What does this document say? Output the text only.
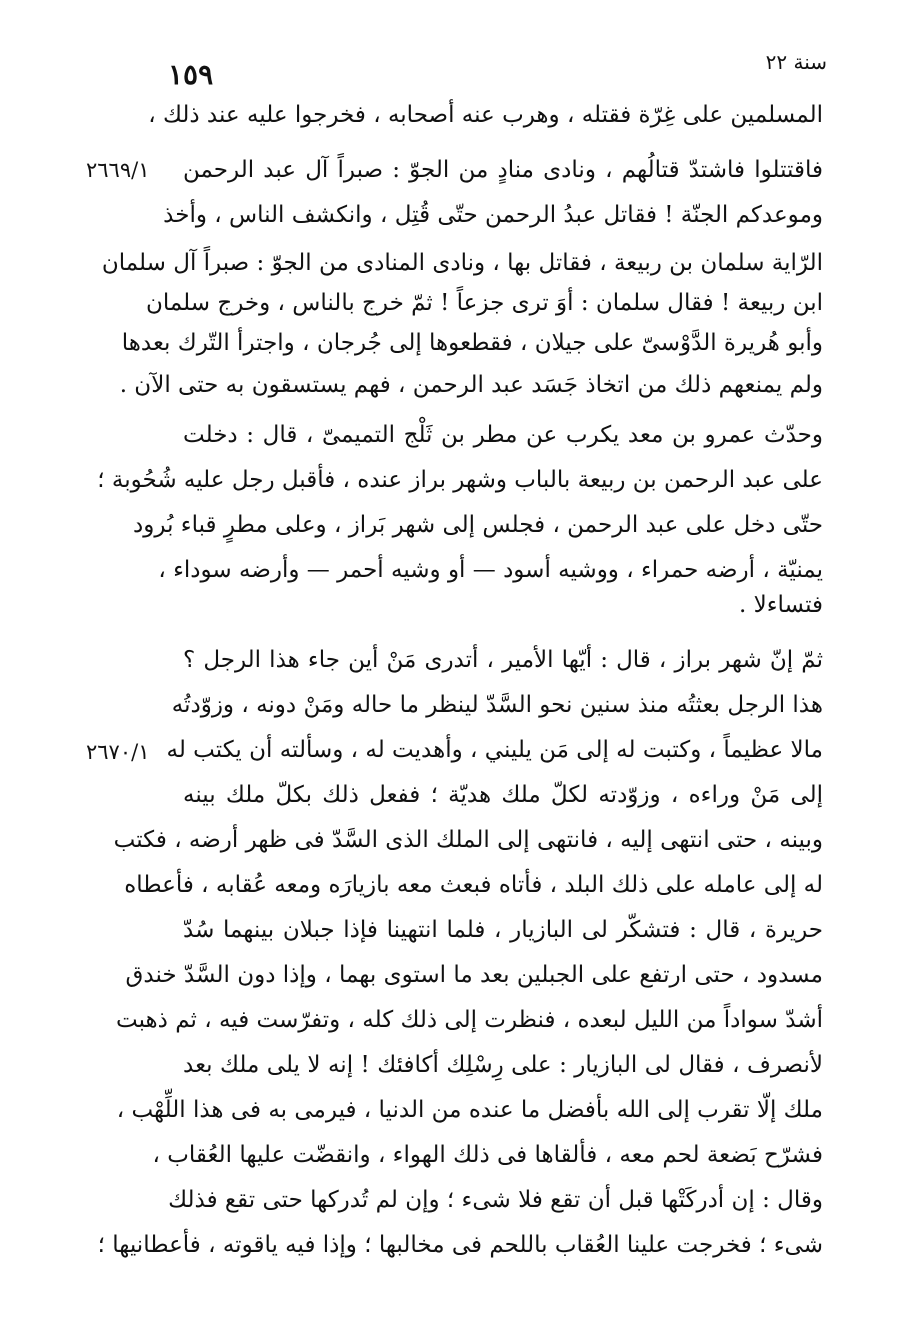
سنة ٢٢
١٥٩
٢٦٦٩/١
٢٦٧٠/١
المسلمين على غِرّة فقتله ، وهرب عنه أصحابه ، فخرجوا عليه عند ذلك ،
فاقتتلوا فاشتدّ قتالُهم ، ونادى منادٍ من الجوّ : صبراً آل عبد الرحمن
وموعدكم الجنّة ! فقاتل عبدُ الرحمن حتّى قُتِل ، وانكشف الناس ، وأخذ
الرّاية سلمان بن ربيعة ، فقاتل بها ، ونادى المنادى من الجوّ : صبراً آل سلمان
ابن ربيعة ! فقال سلمان : أوَ ترى جزعاً ! ثمّ خرج بالناس ، وخرج سلمان
وأبو هُريرة الدَّوْسىّ على جيلان ، فقطعوها إلى جُرجان ، واجترأ التّرك بعدها
ولم يمنعهم ذلك من اتخاذ جَسَد عبد الرحمن ، فهم يستسقون به حتى الآن .
وحدّث عمرو بن معد يكرب عن مطر بن ثَلْج التميمىّ ، قال : دخلت
على عبد الرحمن بن ربيعة بالباب وشهر براز عنده ، فأقبل رجل عليه شُحُوبة ؛
حتّى دخل على عبد الرحمن ، فجلس إلى شهر بَراز ، وعلى مطرٍ قباء بُرود
يمنيّة ، أرضه حمراء ، ووشيه أسود — أو وشيه أحمر — وأرضه سوداء ،
فتساءلا .
ثمّ إنّ شهر براز ، قال : أيّها الأمير ، أتدرى مَنْ أين جاء هذا الرجل ؟
هذا الرجل بعثتُه منذ سنين نحو السَّدّ لينظر ما حاله ومَنْ دونه ، وزوّدتُه
مالا عظيماً ، وكتبت له إلى مَن يليني ، وأهديت له ، وسألته أن يكتب له
إلى مَنْ وراءه ، وزوّدته لكلّ ملك هديّة ؛ ففعل ذلك بكلّ ملك بينه
وبينه ، حتى انتهى إليه ، فانتهى إلى الملك الذى السَّدّ فى ظهر أرضه ، فكتب
له إلى عامله على ذلك البلد ، فأتاه فبعث معه بازيارَه ومعه عُقابه ، فأعطاه
حريرة ، قال : فتشكّر لى البازيار ، فلما انتهينا فإذا جبلان بينهما سُدّ
مسدود ، حتى ارتفع على الجبلين بعد ما استوى بهما ، وإذا دون السَّدّ خندق
أشدّ سواداً من الليل لبعده ، فنظرت إلى ذلك كله ، وتفرّست فيه ، ثم ذهبت
لأنصرف ، فقال لى البازيار : على رِسْلِك أكافئك ! إنه لا يلى ملك بعد
ملك إلّا تقرب إلى الله بأفضل ما عنده من الدنيا ، فيرمى به فى هذا اللِّهْب ،
فشرّح بَضعة لحم معه ، فألقاها فى ذلك الهواء ، وانقضّت عليها العُقاب ،
وقال : إن أدركَتْها قبل أن تقع فلا شىء ؛ وإن لم تُدركها حتى تقع فذلك
شىء ؛ فخرجت علينا العُقاب باللحم فى مخالبها ؛ وإذا فيه ياقوته ، فأعطانيها ؛
